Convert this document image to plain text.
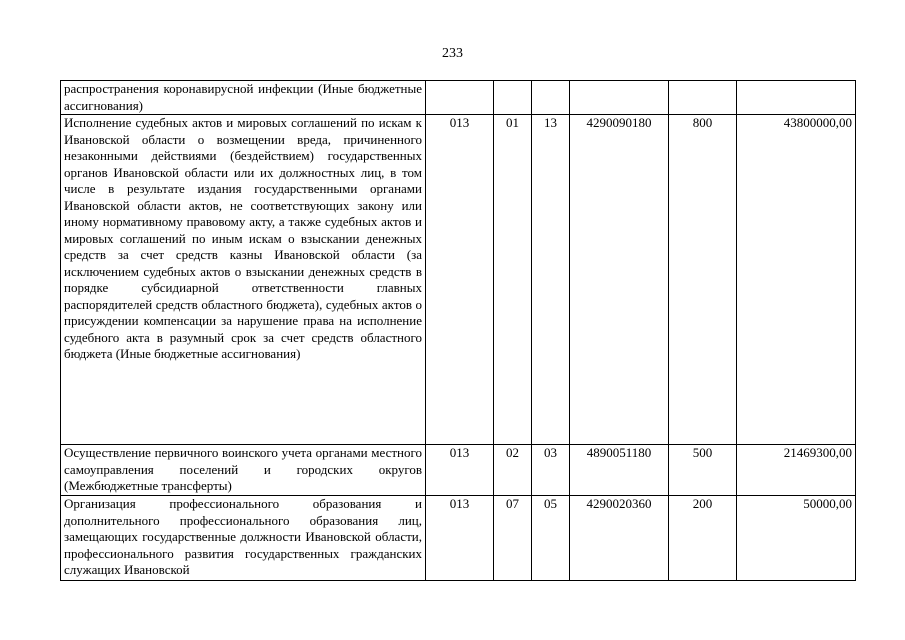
233
распространения коронавирусной инфекции (Иные бюджетные ассигнования)						
Исполнение судебных актов и мировых соглашений по искам к Ивановской области о возмещении вреда, причиненного незаконными действиями (бездействием) государственных органов Ивановской области или их должностных лиц, в том числе в результате издания государственными органами Ивановской области актов, не соответствующих закону или иному нормативному правовому акту, а также судебных актов и мировых соглашений по иным искам о взыскании денежных средств за счет средств казны Ивановской области (за исключением судебных актов о взыскании денежных средств в порядке субсидиарной ответственности главных распорядителей средств областного бюджета), судебных актов о присуждении компенсации за нарушение права на исполнение судебного акта в разумный срок за счет средств областного бюджета (Иные бюджетные ассигнования)	013	01	13	4290090180	800	43800000,00
Осуществление первичного воинского учета органами местного самоуправления поселений и городских округов (Межбюджетные трансферты)	013	02	03	4890051180	500	21469300,00
Организация профессионального образования и дополнительного профессионального образования лиц, замещающих государственные должности Ивановской области, профессионального развития государственных гражданских служащих Ивановской	013	07	05	4290020360	200	50000,00
